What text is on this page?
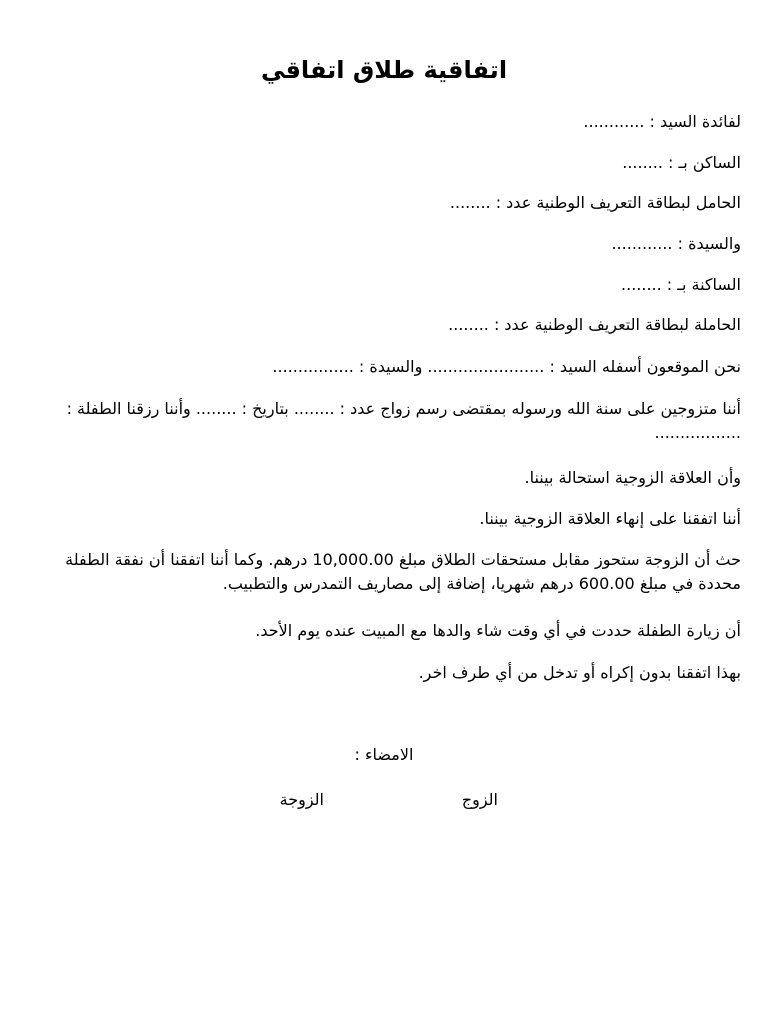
اتفاقية طلاق اتفاقي
لفائدة السيد : ............
الساكن بـ : ........
الحامل لبطاقة التعريف الوطنية عدد : ........
والسيدة : ............
الساكنة بـ : ........
الحاملة لبطاقة التعريف الوطنية عدد : ........
نحن الموقعون أسفله السيد : ....................... والسيدة : ................
أننا متزوجين على سنة الله ورسوله بمقتضى رسم زواج عدد : ........ بتاريخ : ........ وأننا رزقنا الطفلة : .................
وأن العلاقة الزوجية استحالة بيننا.
أننا اتفقنا على إنهاء العلاقة الزوجية بيننا.
حث أن الزوجة ستحوز مقابل مستحقات الطلاق مبلغ 10,000.00 درهم. وكما أننا اتفقنا أن نفقة الطفلة محددة في مبلغ 600.00 درهم شهريا، إضافة إلى مصاريف التمدرس والتطبيب.
أن زيارة الطفلة حددت في أي وقت شاء والدها مع المبيت عنده يوم الأحد.
بهذا اتفقنا بدون إكراه أو تدخل من أي طرف اخر.
الامضاء :
الزوج
الزوجة
